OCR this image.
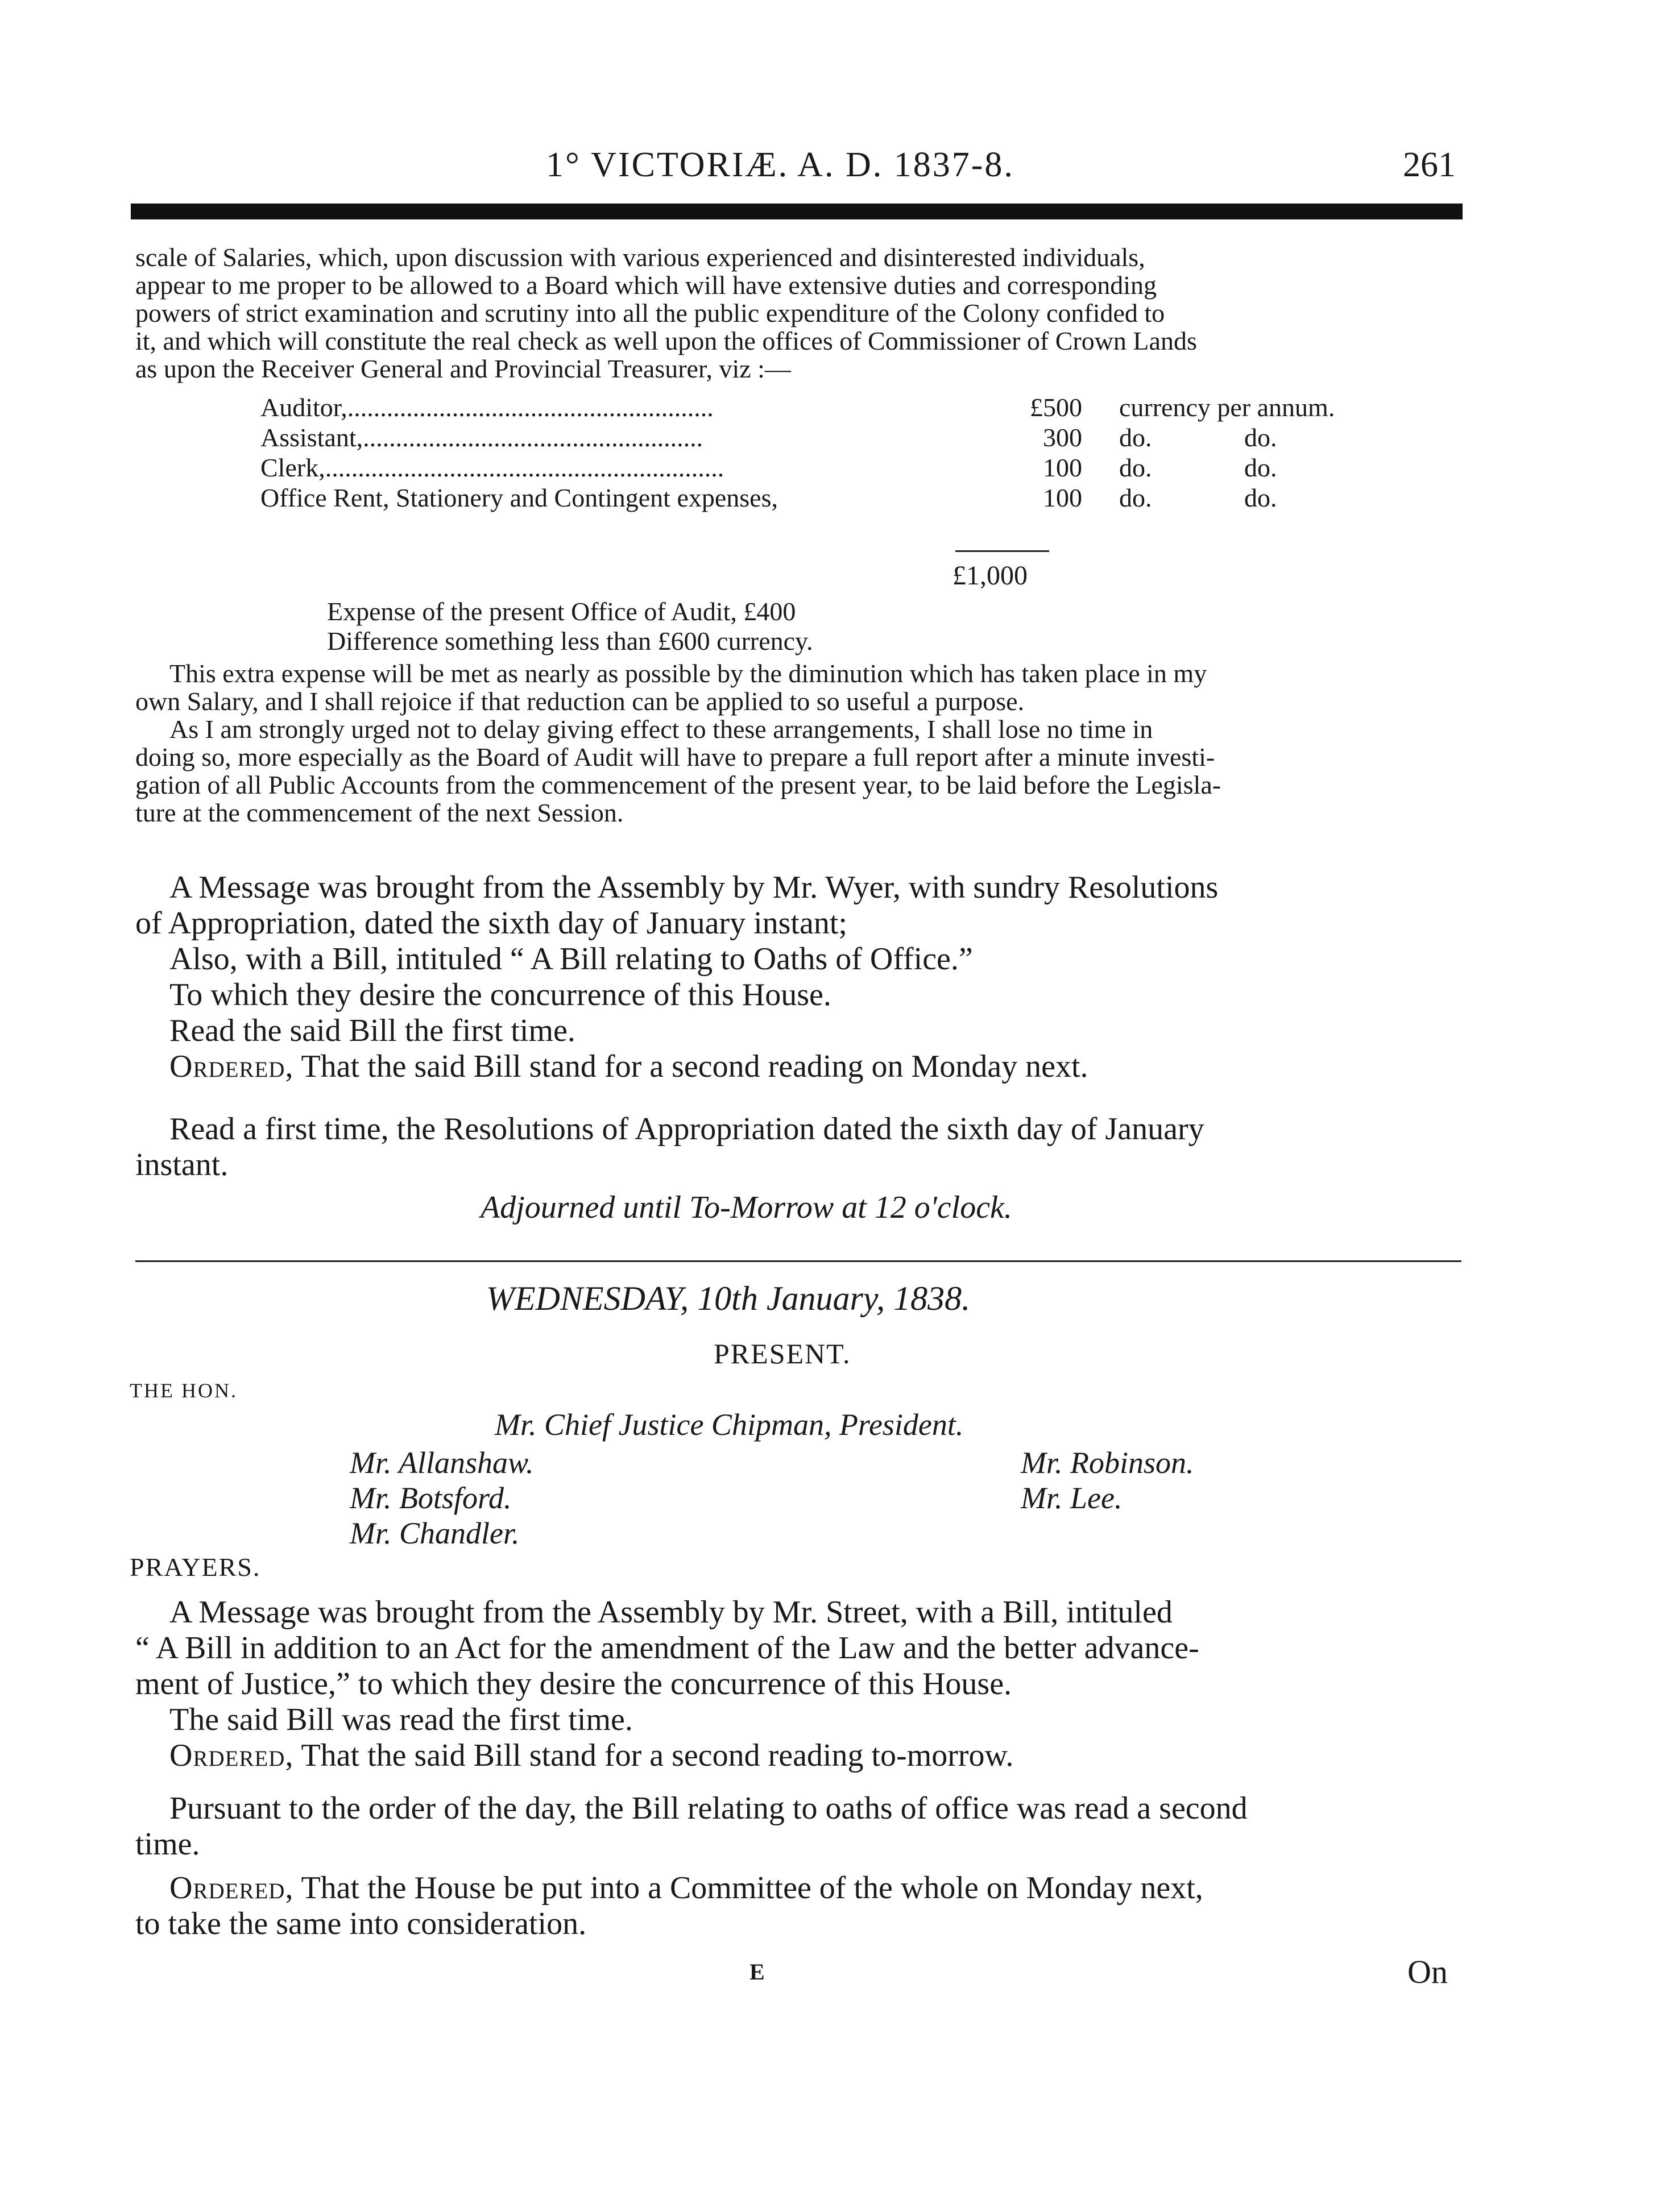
1° VICTORIÆ. A. D. 1837-8.	261
scale of Salaries, which, upon discussion with various experienced and disinterested individuals,
appear to me proper to be allowed to a Board which will have extensive duties and corresponding
powers of strict examination and scrutiny into all the public expenditure of the Colony confided to
it, and which will constitute the real check as well upon the offices of Commissioner of Crown Lands
as upon the Receiver General and Provincial Treasurer, viz :—
Auditor,........................................................	£500 currency per annum.
Assistant,....................................................	300 do.	do.
Clerk,.............................................................	100 do.	do.
Office Rent, Stationery and Contingent expenses,	100 do.	do.
£1,000
Expense of the present Office of Audit, £400
Difference something less than £600 currency.
This extra expense will be met as nearly as possible by the diminution which has taken place in my
own Salary, and I shall rejoice if that reduction can be applied to so useful a purpose.
As I am strongly urged not to delay giving effect to these arrangements, I shall lose no time in
doing so, more especially as the Board of Audit will have to prepare a full report after a minute investi-
gation of all Public Accounts from the commencement of the present year, to be laid before the Legisla-
ture at the commencement of the next Session.
A Message was brought from the Assembly by Mr. Wyer, with sundry Resolutions
of Appropriation, dated the sixth day of January instant;
Also, with a Bill, intituled “ A Bill relating to Oaths of Office.”
To which they desire the concurrence of this House.
Read the said Bill the first time.
Ordered, That the said Bill stand for a second reading on Monday next.
Read a first time, the Resolutions of Appropriation dated the sixth day of January
instant.
Adjourned until To-Morrow at 12 o'clock.
WEDNESDAY, 10th January, 1838.
PRESENT.
THE HON.
Mr. Chief Justice Chipman, President.
Mr. Allanshaw.
Mr. Botsford.
Mr. Chandler.
Mr. Robinson.
Mr. Lee.
PRAYERS.
A Message was brought from the Assembly by Mr. Street, with a Bill, intituled
“ A Bill in addition to an Act for the amendment of the Law and the better advance-
ment of Justice,” to which they desire the concurrence of this House.
The said Bill was read the first time.
Ordered, That the said Bill stand for a second reading to-morrow.
Pursuant to the order of the day, the Bill relating to oaths of office was read a second
time.
Ordered, That the House be put into a Committee of the whole on Monday next,
to take the same into consideration.
E	On
